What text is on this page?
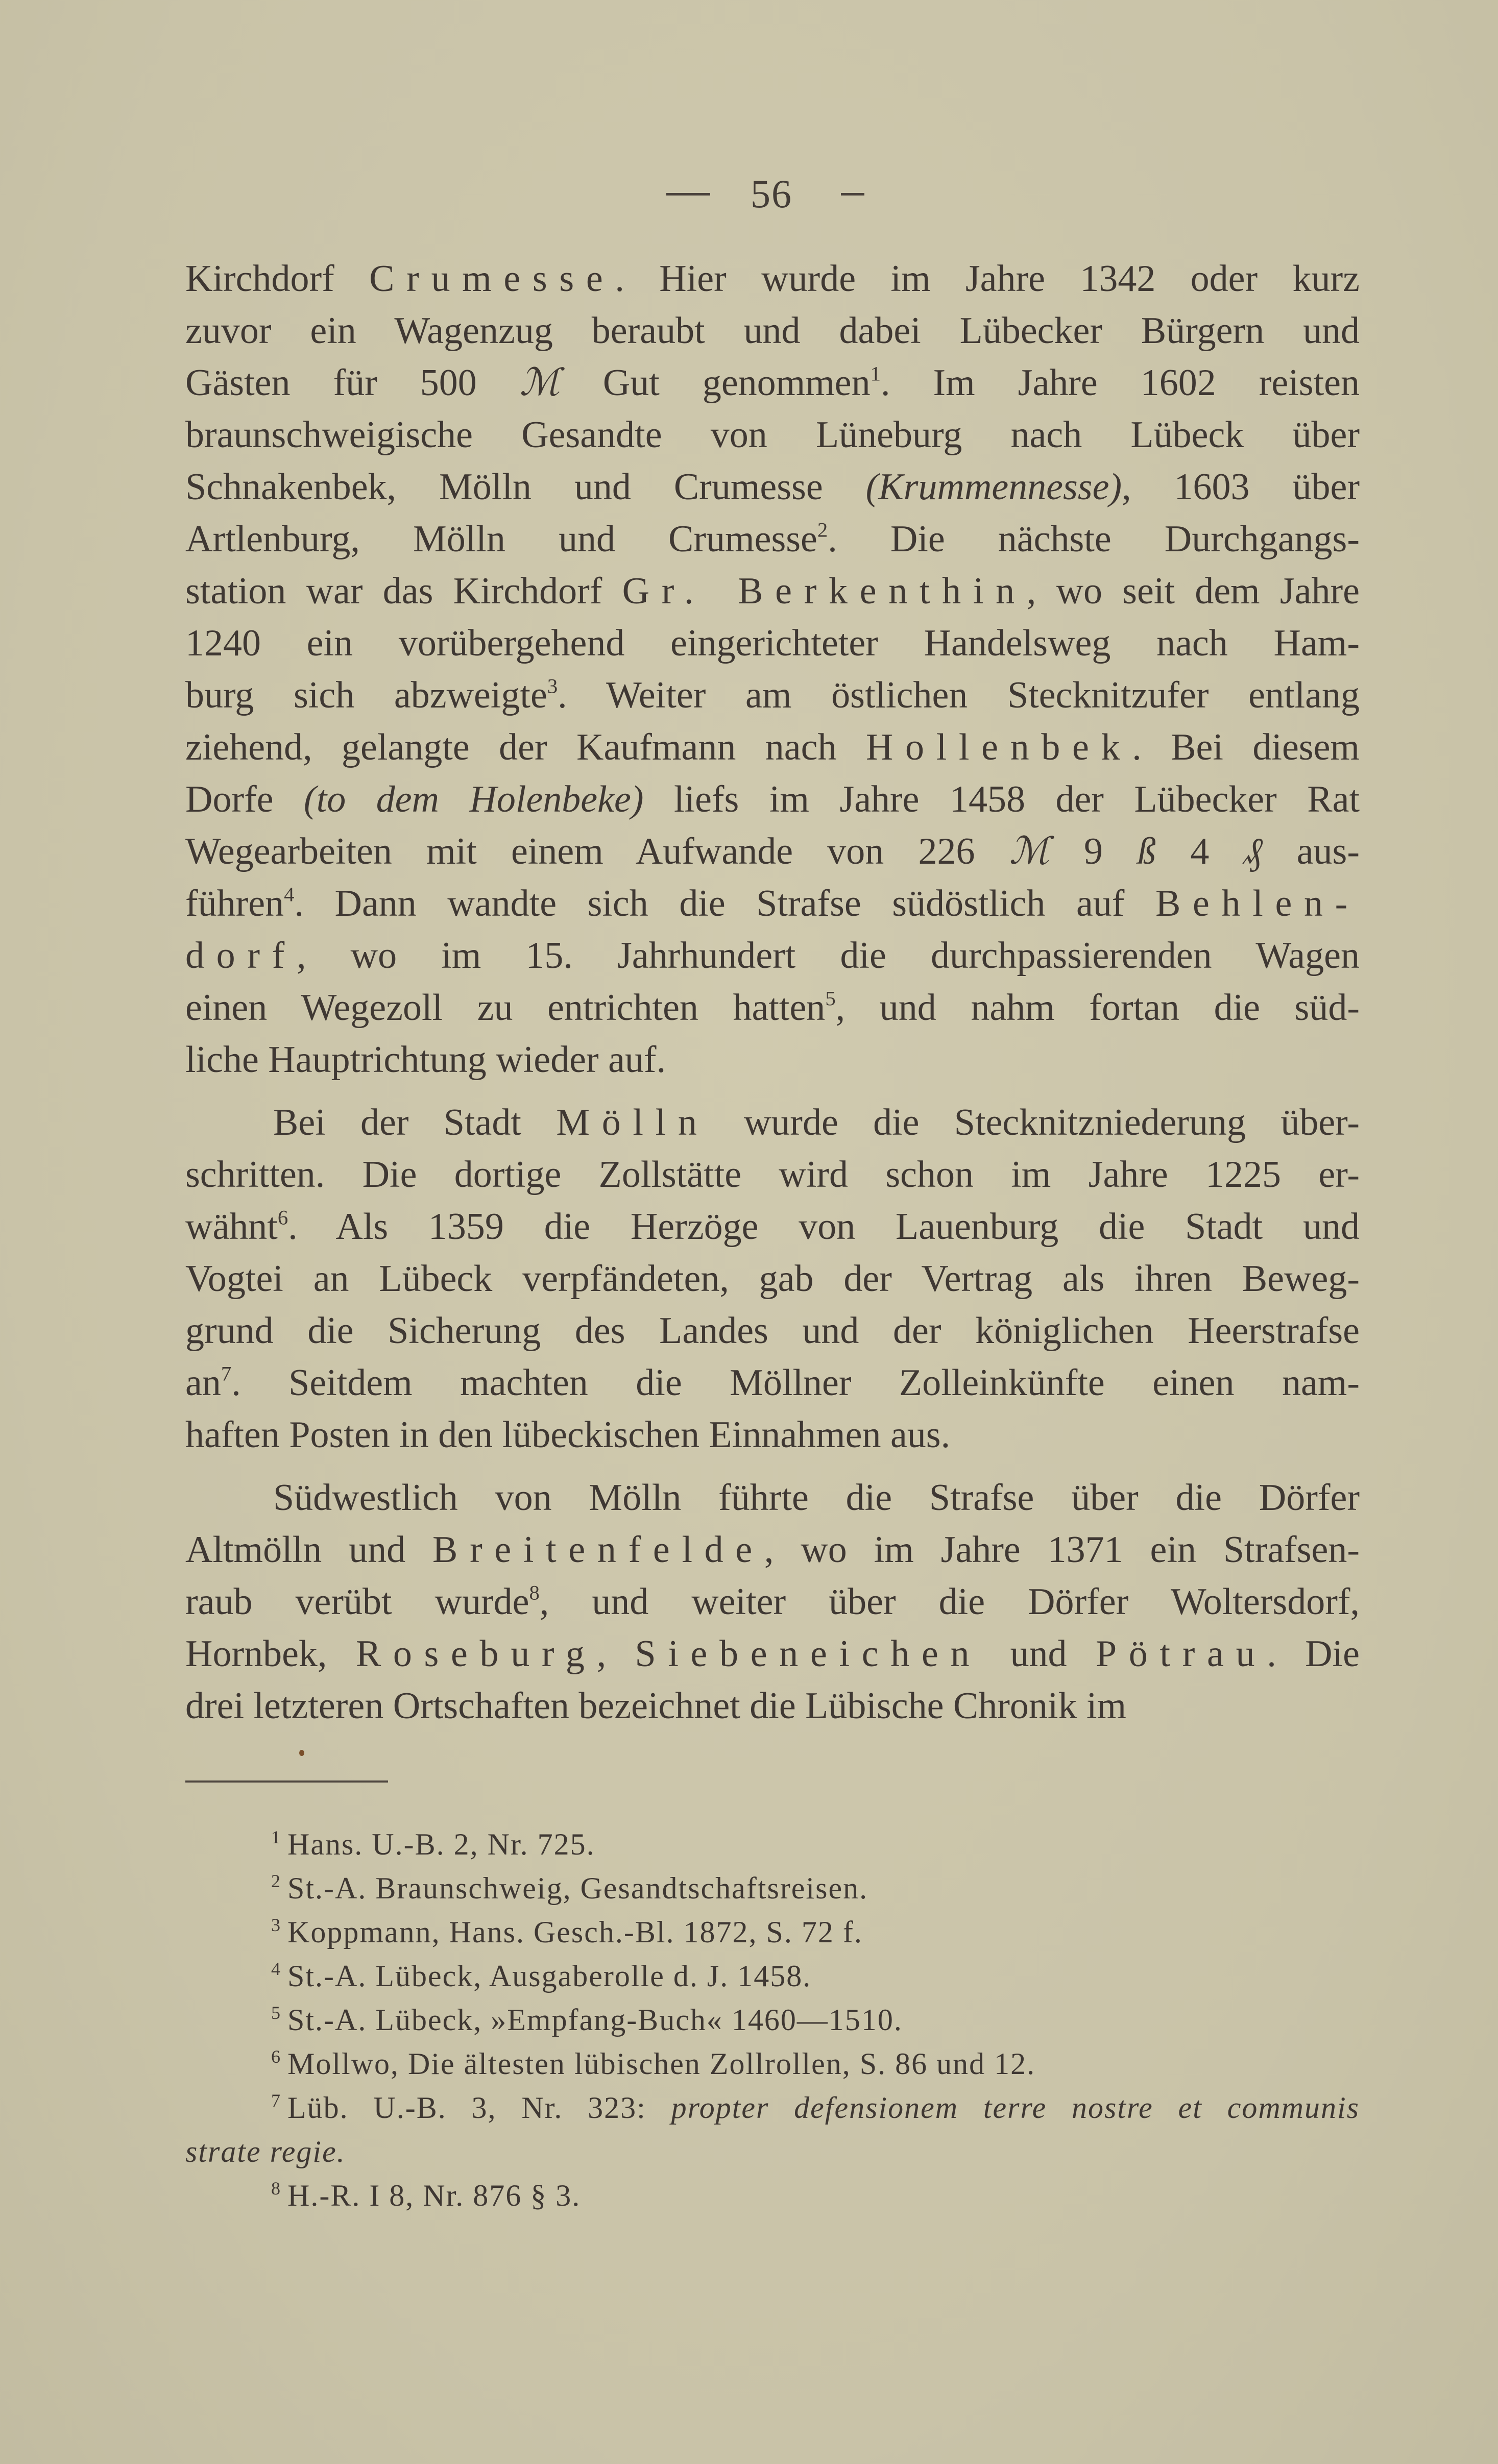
56
Kirchdorf Crumesse. Hier wurde im Jahre 1342 oder kurz
zuvor ein Wagenzug beraubt und dabei Lübecker Bürgern und
Gästen für 500 ℳ Gut genommen$^1$. Im Jahre 1602 reisten
braunschweigische Gesandte von Lüneburg nach Lübeck über
Schnakenbek, Mölln und Crumesse (Krummennesse), 1603 über
Artlenburg, Mölln und Crumesse$^2$. Die nächste Durchgangs-
station war das Kirchdorf Gr. Berkenthin, wo seit dem Jahre
1240 ein vorübergehend eingerichteter Handelsweg nach Ham-
burg sich abzweigte$^3$. Weiter am östlichen Stecknitzufer entlang
ziehend, gelangte der Kaufmann nach Hollenbek. Bei diesem
Dorfe (to dem Holenbeke) liefs im Jahre 1458 der Lübecker Rat
Wegearbeiten mit einem Aufwande von 226 ℳ 9 ß 4 ₰ aus-
führen$^4$. Dann wandte sich die Strafse südöstlich auf Behlen-
dorf, wo im 15. Jahrhundert die durchpassierenden Wagen
einen Wegezoll zu entrichten hatten$^5$, und nahm fortan die süd-
liche Hauptrichtung wieder auf.
Bei der Stadt Mölln wurde die Stecknitzniederung über-
schritten. Die dortige Zollstätte wird schon im Jahre 1225 er-
wähnt$^6$. Als 1359 die Herzöge von Lauenburg die Stadt und
Vogtei an Lübeck verpfändeten, gab der Vertrag als ihren Beweg-
grund die Sicherung des Landes und der königlichen Heerstrafse
$an^7$. Seitdem machten die Möllner Zolleinkünfte einen nam-
haften Posten in den lübeckischen Einnahmen aus.
Südwestlich von Mölln führte die Strafse über die Dörfer
Altmölln und Breitenfelde, wo im Jahre 1371 ein Strafsen-
raub verübt wurde$^8$, und weiter über die Dörfer Woltersdorf,
Hornbek, Roseburg, Siebeneichen und Pötrau. Die
drei letzteren Ortschaften bezeichnet die Lübische Chronik im
$^1$ Hans. U.-B. 2, Nr. 725.
$^2$ St.-A. Braunschweig, Gesandtschaftsreisen.
$^3$ Koppmann, Hans. Gesch.-Bl. 1872, S. 72 f.
$^4$ St.-A. Lübeck, Ausgaberolle d. J. 1458.
$^5$ St.-A. Lübeck, »Empfang-Buch« 1460—1510.
$^6$ Mollwo, Die ältesten lübischen Zollrollen, S. 86 und 12.
$^7$ Lüb. U.-B. 3, Nr. 323: propter defensionem terre nostre et communis
strate regie.
$^8$ H.-R. I 8, Nr. 876 § 3.
